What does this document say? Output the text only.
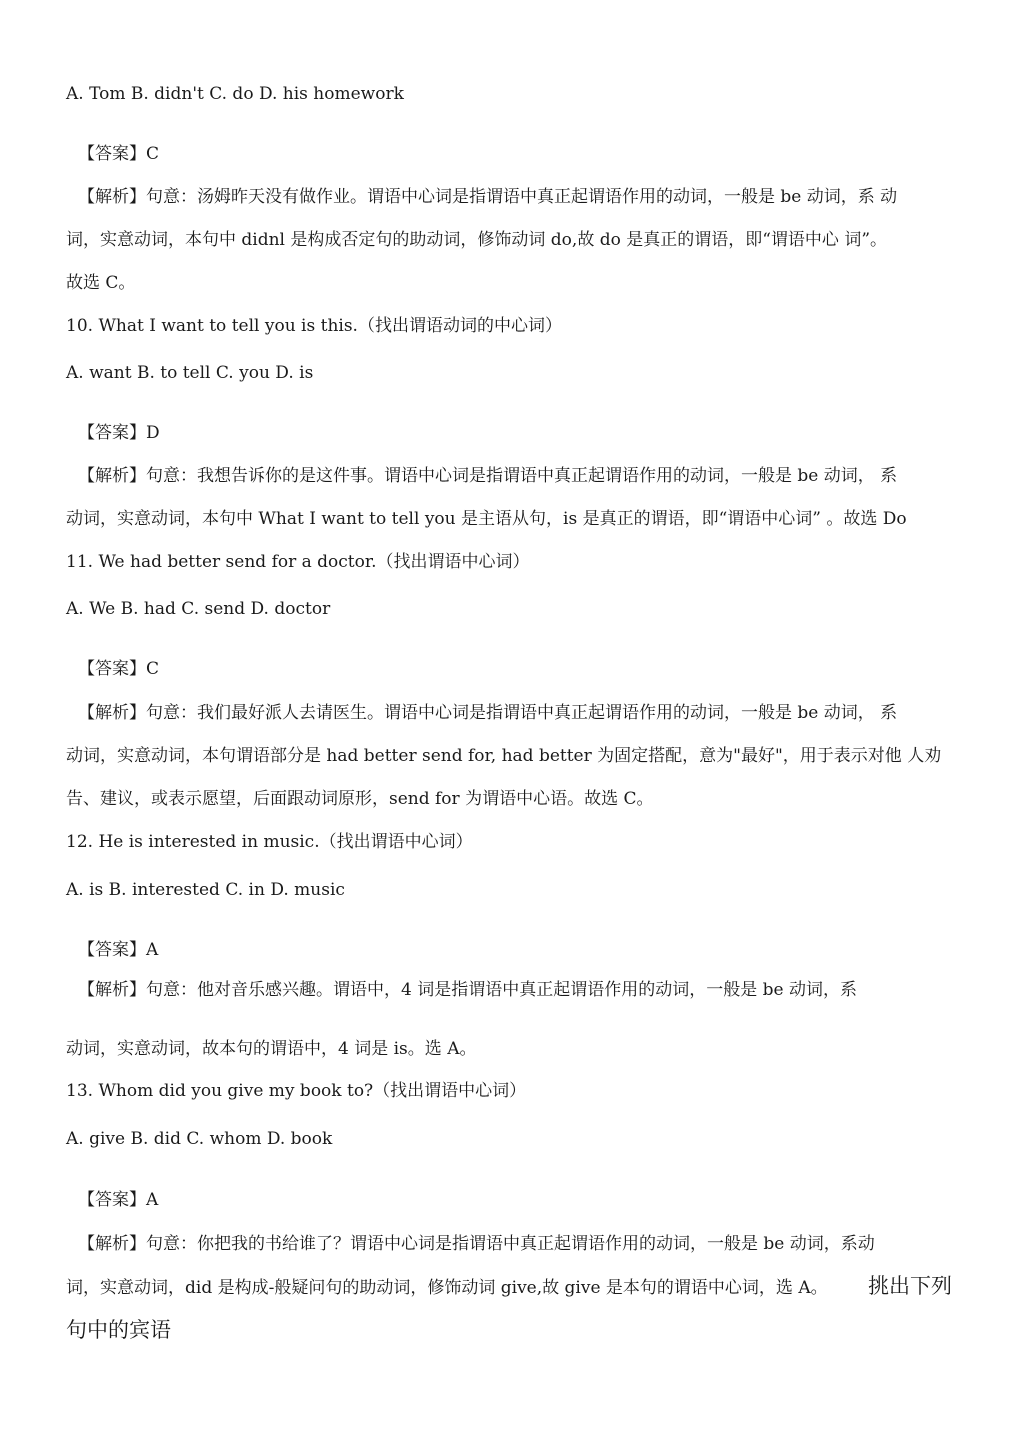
A. Tom B. didn't C. do D. his homework
【答案】C
【解析】句意：汤姆昨天没有做作业。谓语中心词是指谓语中真正起谓语作用的动词，一般是 be 动词，系 动
词，实意动词，本句中 didnl 是构成否定句的助动词，修饰动词 do,故 do 是真正的谓语，即“谓语中心 词”。
故选 C。
10. What I want to tell you is this.（找出谓语动词的中心词）
A. want B. to tell C. you D. is
【答案】D
【解析】句意：我想告诉你的是这件事。谓语中心词是指谓语中真正起谓语作用的动词，一般是 be 动词， 系
动词，实意动词，本句中 What I want to tell you 是主语从句，is 是真正的谓语，即“谓语中心词” 。故选 Do
11. We had better send for a doctor.（找出谓语中心词）
A. We B. had C. send D. doctor
【答案】C
【解析】句意：我们最好派人去请医生。谓语中心词是指谓语中真正起谓语作用的动词，一般是 be 动词， 系
动词，实意动词，本句谓语部分是 had better send for, had better 为固定搭配，意为"最好"，用于表示对他 人劝
告、建议，或表示愿望，后面跟动词原形，send for 为谓语中心语。故选 C。
12. He is interested in music.（找出谓语中心词）
A. is B. interested C. in D. music
【答案】A
【解析】句意：他对音乐感兴趣。谓语中，4 词是指谓语中真正起谓语作用的动词，一般是 be 动词，系
动词，实意动词，故本句的谓语中，4 词是 is。选 A。
13. Whom did you give my book to?（找出谓语中心词）
A. give B. did C. whom D. book
【答案】A
【解析】句意：你把我的书给谁了？谓语中心词是指谓语中真正起谓语作用的动词，一般是 be 动词，系动
词，实意动词，did 是构成-般疑问句的助动词，修饰动词 give,故 give 是本句的谓语中心词，选 A。 挑出下列
句中的宾语
